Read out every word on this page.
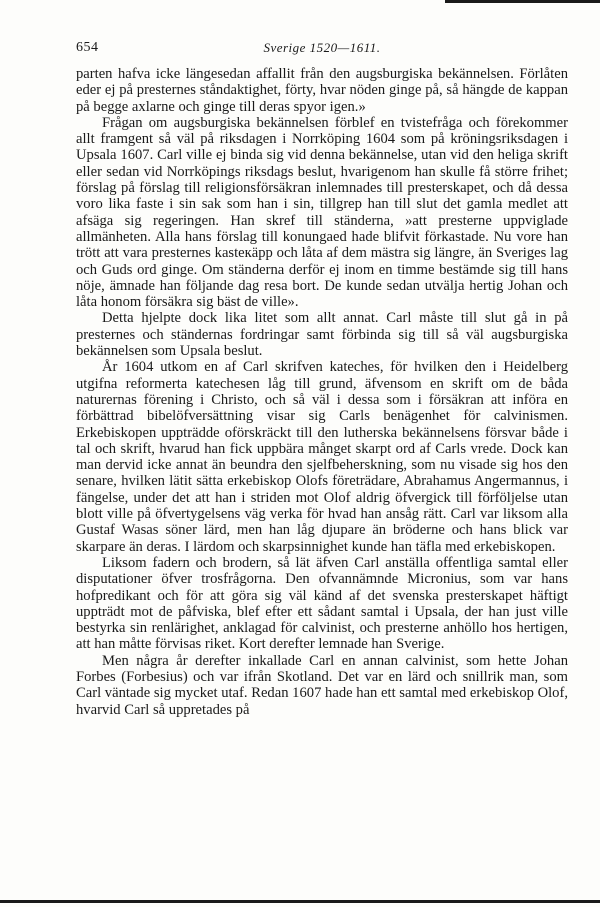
654	Sverige 1520—1611.

parten hafva icke längesedan affallit från den augsburgiska bekännelsen. Förlåten eder ej på presternes ståndaktighet, förty, hvar nöden ginge på, så hängde de kappan på begge axlarne och ginge till deras spyor igen.»

Frågan om augsburgiska bekännelsen förblef en tvistefråga och förekommer allt framgent så väl på riksdagen i Norrköping 1604 som på kröningsriksdagen i Upsala 1607. Carl ville ej binda sig vid denna bekännelse, utan vid den heliga skrift eller sedan vid Norrköpings riksdags beslut, hvarigenom han skulle få större frihet; förslag på förslag till religionsförsäkran inlemnades till presterskapet, och då dessa voro lika faste i sin sak som han i sin, tillgrep han till slut det gamla medlet att afsäga sig regeringen. Han skref till ständerna, »att presterne uppviglade allmänheten. Alla hans förslag till konungaed hade blifvit förkastade. Nu vore han trött att vara presternes kasteкäpp och låta af dem mästra sig längre, än Sveriges lag och Guds ord ginge. Om ständerna derför ej inom en timme bestämde sig till hans nöje, ämnade han följande dag resa bort. De kunde sedan utvälja hertig Johan och låta honom försäkra sig bäst de ville».

Detta hjelpte dock lika litet som allt annat. Carl måste till slut gå in på presternes och ständernas fordringar samt förbinda sig till så väl augsburgiska bekännelsen som Upsala beslut.

År 1604 utkom en af Carl skrifven kateches, för hvilken den i Heidelberg utgifna reformerta katechesen låg till grund, äfvensom en skrift om de båda naturernas förening i Christo, och så väl i dessa som i försäkran att införa en förbättrad bibelöfversättning visar sig Carls benägenhet för calvinismen. Erkebiskopen uppträdde oförskräckt till den lutherska bekännelsens försvar både i tal och skrift, hvarud han fick uppbära månget skarpt ord af Carls vrede. Dock kan man dervid icke annat än beundra den sjelfbeherskning, som nu visade sig hos den senare, hvilken lätit sätta erkebiskop Olofs företrädare, Abrahamus Angermannus, i fängelse, under det att han i striden mot Olof aldrig öfvergick till förföljelse utan blott ville på öfvertygelsens väg verka för hvad han ansåg rätt. Carl var liksom alla Gustaf Wasas söner lärd, men han låg djupare än bröderne och hans blick var skarpare än deras. I lärdom och skarpsinnighet kunde han täfla med erkebiskopen.

Liksom fadern och brodern, så lät äfven Carl anställa offentliga samtal eller disputationer öfver trosfrågorna. Den ofvannämnde Micronius, som var hans hofpredikant och för att göra sig väl känd af det svenska presterskapet häftigt uppträdt mot de påfviska, blef efter ett sådant samtal i Upsala, der han just ville bestyrka sin renlärighet, anklagad för calvinist, och presterne anhöllo hos hertigen, att han måtte förvisas riket. Kort derefter lemnade han Sverige.

Men några år derefter inkallade Carl en annan calvinist, som hette Johan Forbes (Forbesius) och var ifrån Skotland. Det var en lärd och snillrik man, som Carl väntade sig mycket utaf. Redan 1607 hade han ett samtal med erkebiskop Olof, hvarvid Carl så uppretades på
